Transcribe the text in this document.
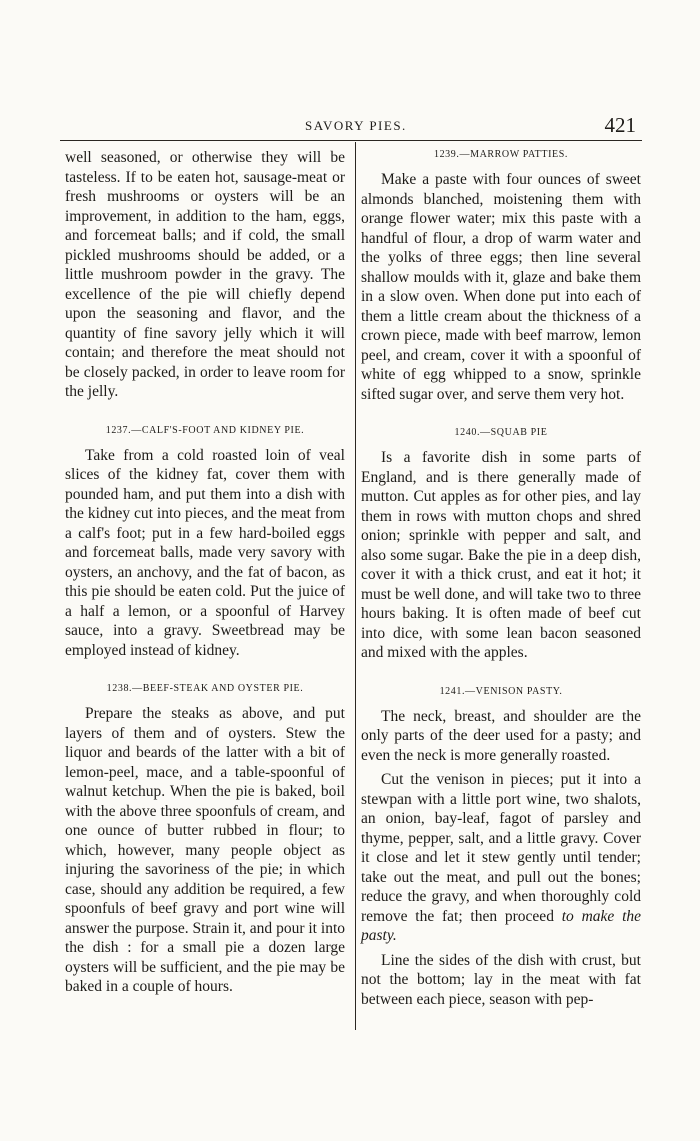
SAVORY PIES.	421

well seasoned, or otherwise they will be tasteless. If to be eaten hot, sausage-meat or fresh mushrooms or oysters will be an improvement, in addition to the ham, eggs, and forcemeat balls; and if cold, the small pickled mushrooms should be added, or a little mushroom powder in the gravy. The excellence of the pie will chiefly depend upon the seasoning and flavor, and the quantity of fine savory jelly which it will contain; and therefore the meat should not be closely packed, in order to leave room for the jelly.

1237.—CALF'S-FOOT AND KIDNEY PIE.

Take from a cold roasted loin of veal slices of the kidney fat, cover them with pounded ham, and put them into a dish with the kidney cut into pieces, and the meat from a calf's foot; put in a few hard-boiled eggs and forcemeat balls, made very savory with oysters, an anchovy, and the fat of bacon, as this pie should be eaten cold. Put the juice of a half a lemon, or a spoonful of Harvey sauce, into a gravy. Sweetbread may be employed instead of kidney.

1238.—BEEF-STEAK AND OYSTER PIE.

Prepare the steaks as above, and put layers of them and of oysters. Stew the liquor and beards of the latter with a bit of lemon-peel, mace, and a table-spoonful of walnut ketchup. When the pie is baked, boil with the above three spoonfuls of cream, and one ounce of butter rubbed in flour; to which, however, many people object as injuring the savoriness of the pie; in which case, should any addition be required, a few spoonfuls of beef gravy and port wine will answer the purpose. Strain it, and pour it into the dish : for a small pie a dozen large oysters will be sufficient, and the pie may be baked in a couple of hours.

1239.—MARROW PATTIES.

Make a paste with four ounces of sweet almonds blanched, moistening them with orange flower water; mix this paste with a handful of flour, a drop of warm water and the yolks of three eggs; then line several shallow moulds with it, glaze and bake them in a slow oven. When done put into each of them a little cream about the thickness of a crown piece, made with beef marrow, lemon peel, and cream, cover it with a spoonful of white of egg whipped to a snow, sprinkle sifted sugar over, and serve them very hot.

1240.—SQUAB PIE

Is a favorite dish in some parts of England, and is there generally made of mutton. Cut apples as for other pies, and lay them in rows with mutton chops and shred onion; sprinkle with pepper and salt, and also some sugar. Bake the pie in a deep dish, cover it with a thick crust, and eat it hot; it must be well done, and will take two to three hours baking. It is often made of beef cut into dice, with some lean bacon seasoned and mixed with the apples.

1241.—VENISON PASTY.

The neck, breast, and shoulder are the only parts of the deer used for a pasty; and even the neck is more generally roasted.

Cut the venison in pieces; put it into a stewpan with a little port wine, two shalots, an onion, bay-leaf, fagot of parsley and thyme, pepper, salt, and a little gravy. Cover it close and let it stew gently until tender; take out the meat, and pull out the bones; reduce the gravy, and when thoroughly cold remove the fat; then proceed to make the pasty.

Line the sides of the dish with crust, but not the bottom; lay in the meat with fat between each piece, season with pep-
